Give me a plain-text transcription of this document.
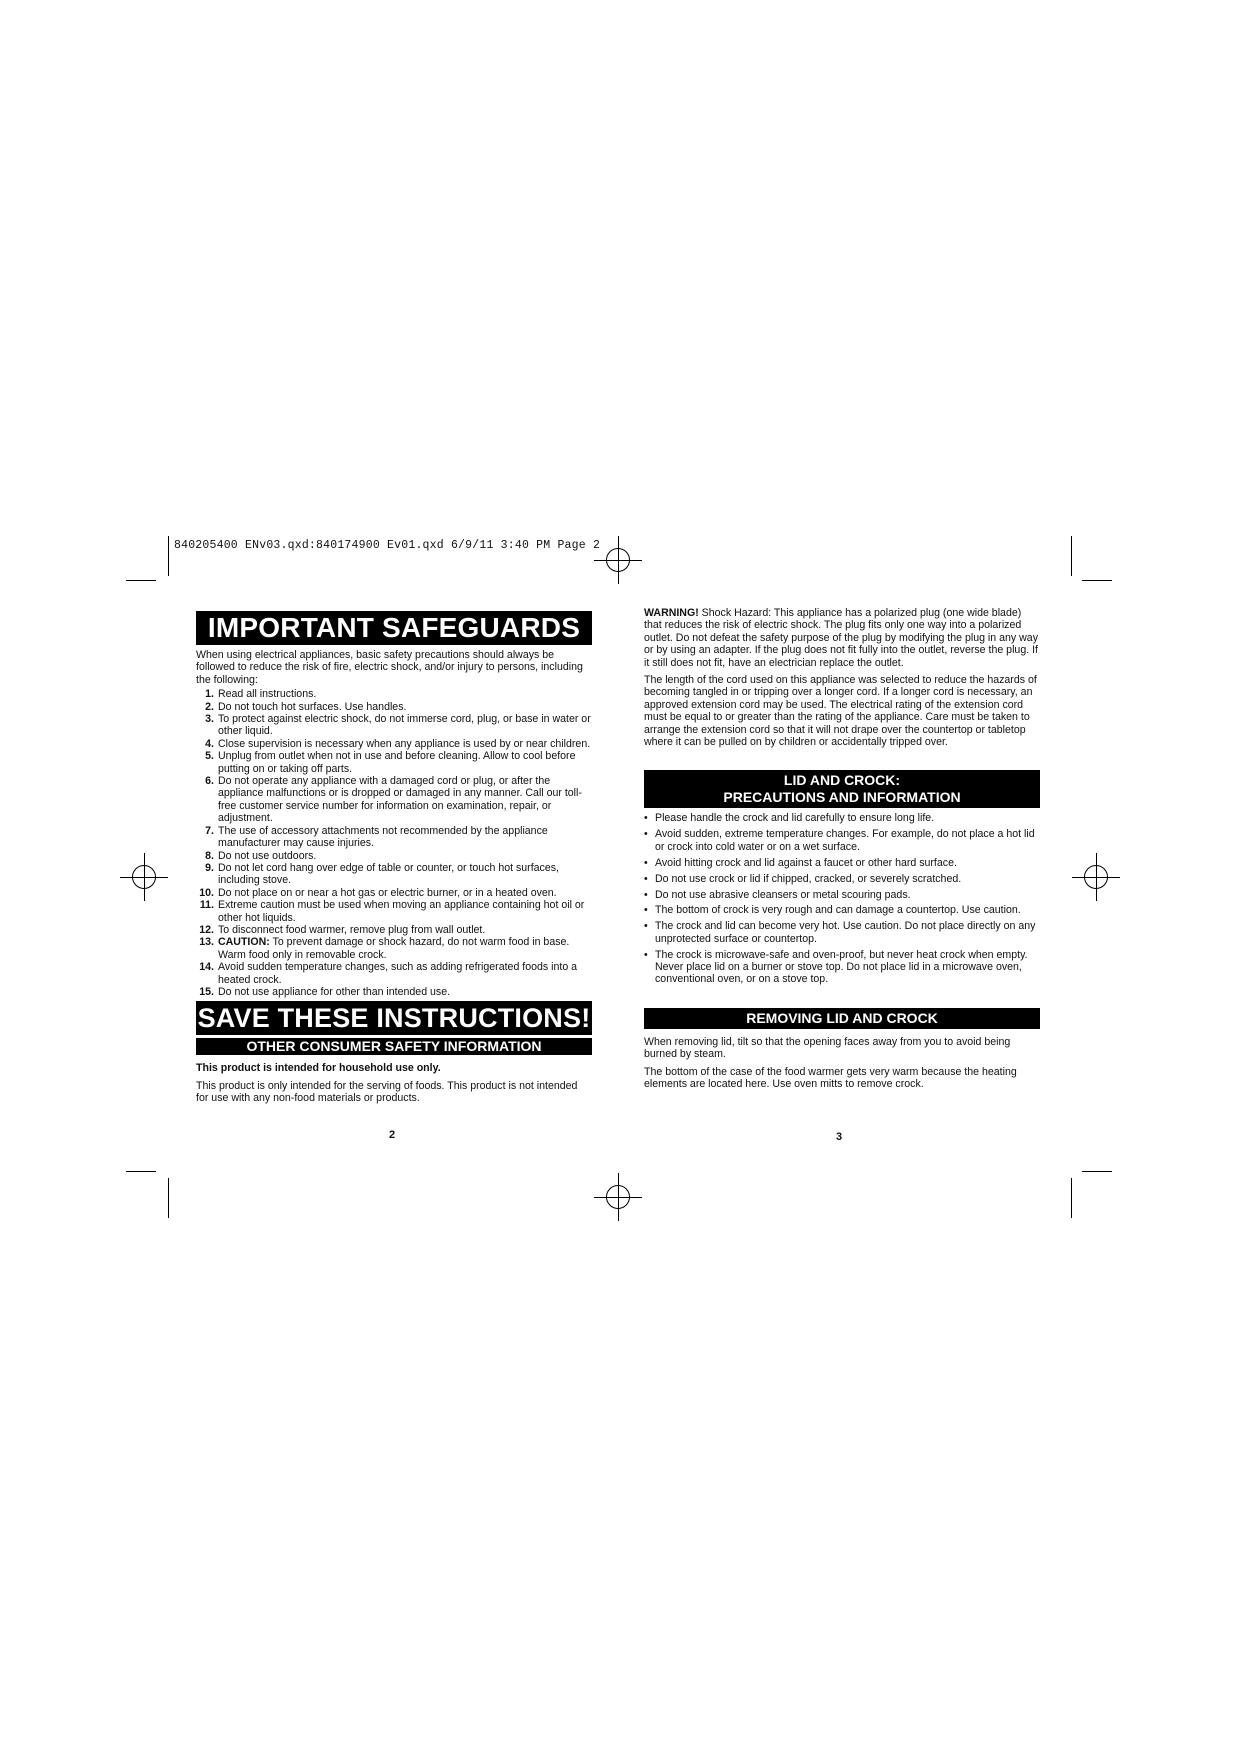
840205400 ENv03.qxd:840174900 Ev01.qxd 6/9/11 3:40 PM Page 2
IMPORTANT SAFEGUARDS

When using electrical appliances, basic safety precautions should always be followed to reduce the risk of fire, electric shock, and/or injury to persons, including the following:

1. Read all instructions.
2. Do not touch hot surfaces. Use handles.
3. To protect against electric shock, do not immerse cord, plug, or base in water or other liquid.
4. Close supervision is necessary when any appliance is used by or near children.
5. Unplug from outlet when not in use and before cleaning. Allow to cool before putting on or taking off parts.
6. Do not operate any appliance with a damaged cord or plug, or after the appliance malfunctions or is dropped or damaged in any manner. Call our toll-free customer service number for information on examination, repair, or adjustment.
7. The use of accessory attachments not recommended by the appliance manufacturer may cause injuries.
8. Do not use outdoors.
9. Do not let cord hang over edge of table or counter, or touch hot surfaces, including stove.
10. Do not place on or near a hot gas or electric burner, or in a heated oven.
11. Extreme caution must be used when moving an appliance containing hot oil or other hot liquids.
12. To disconnect food warmer, remove plug from wall outlet.
13. CAUTION: To prevent damage or shock hazard, do not warm food in base. Warm food only in removable crock.
14. Avoid sudden temperature changes, such as adding refrigerated foods into a heated crock.
15. Do not use appliance for other than intended use.
SAVE THESE INSTRUCTIONS!
OTHER CONSUMER SAFETY INFORMATION

This product is intended for household use only.

This product is only intended for the serving of foods. This product is not intended for use with any non-food materials or products.

2

WARNING! Shock Hazard: This appliance has a polarized plug (one wide blade) that reduces the risk of electric shock. The plug fits only one way into a polarized outlet. Do not defeat the safety purpose of the plug by modifying the plug in any way or by using an adapter. If the plug does not fit fully into the outlet, reverse the plug. If it still does not fit, have an electrician replace the outlet.

The length of the cord used on this appliance was selected to reduce the hazards of becoming tangled in or tripping over a longer cord. If a longer cord is necessary, an approved extension cord may be used. The electrical rating of the extension cord must be equal to or greater than the rating of the appliance. Care must be taken to arrange the extension cord so that it will not drape over the countertop or tabletop where it can be pulled on by children or accidentally tripped over.

LID AND CROCK:
PRECAUTIONS AND INFORMATION
• Please handle the crock and lid carefully to ensure long life.
• Avoid sudden, extreme temperature changes. For example, do not place a hot lid or crock into cold water or on a wet surface.
• Avoid hitting crock and lid against a faucet or other hard surface.
• Do not use crock or lid if chipped, cracked, or severely scratched.
• Do not use abrasive cleansers or metal scouring pads.
• The bottom of crock is very rough and can damage a countertop. Use caution.
• The crock and lid can become very hot. Use caution. Do not place directly on any unprotected surface or countertop.
• The crock is microwave-safe and oven-proof, but never heat crock when empty. Never place lid on a burner or stove top. Do not place lid in a microwave oven, conventional oven, or on a stove top.
REMOVING LID AND CROCK

When removing lid, tilt so that the opening faces away from you to avoid being burned by steam.

The bottom of the case of the food warmer gets very warm because the heating elements are located here. Use oven mitts to remove crock.

3
